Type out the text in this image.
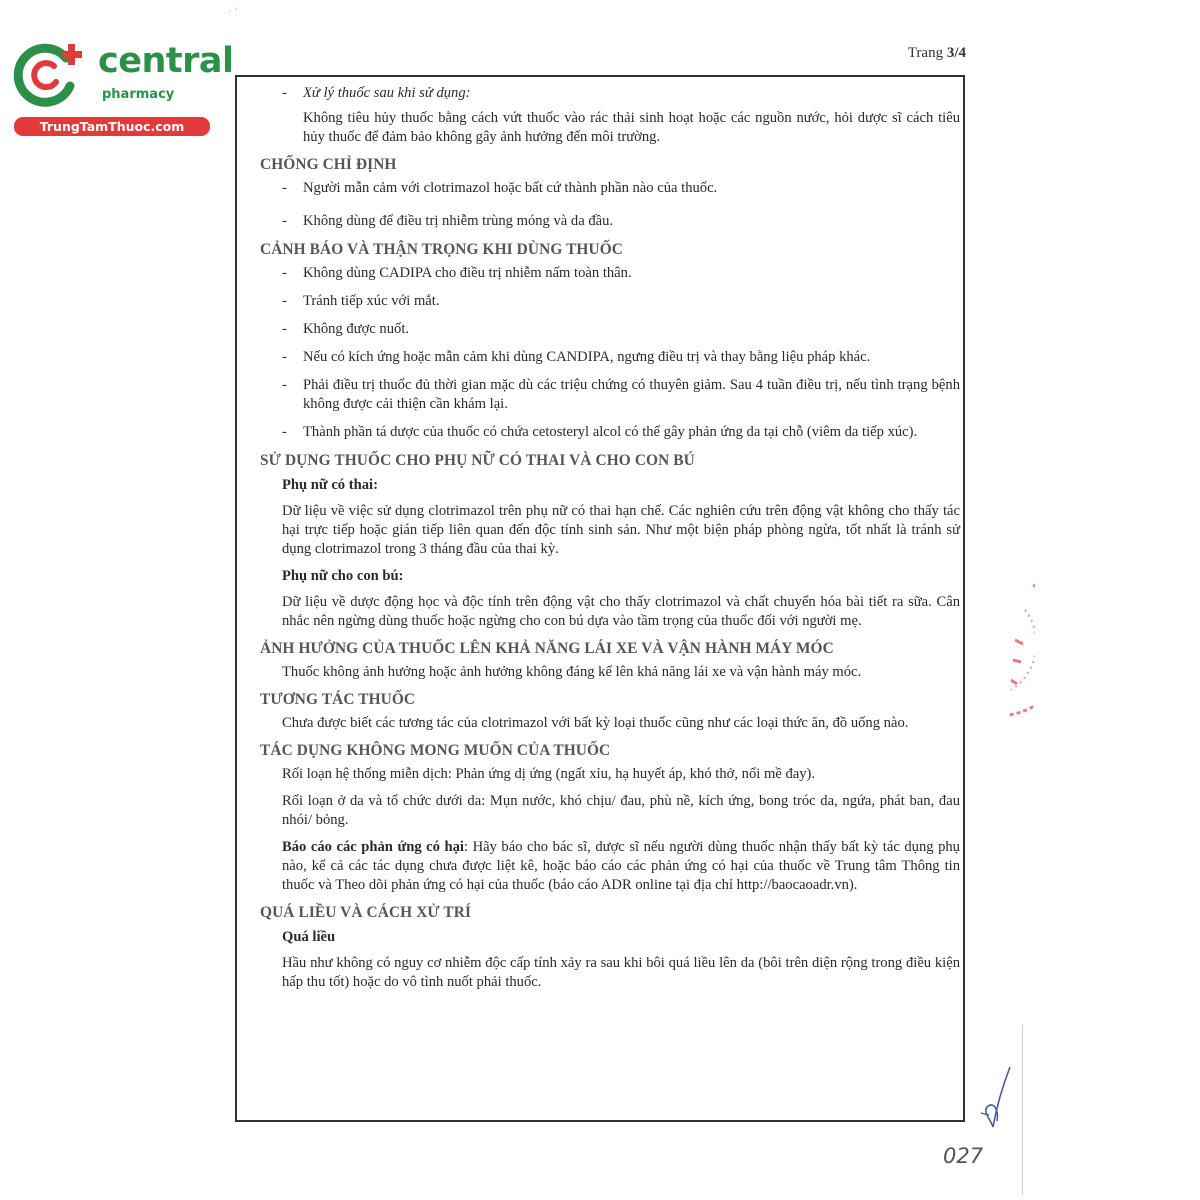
central
pharmacy
TrungTamThuoc.com
·  '
Trang 3/4
- Xử lý thuốc sau khi sử dụng:
Không tiêu hủy thuốc bằng cách vứt thuốc vào rác thải sinh hoạt hoặc các nguồn nước, hỏi dược sĩ cách tiêu hủy thuốc để đảm bảo không gây ảnh hưởng đến môi trường.
CHỐNG CHỈ ĐỊNH
- Người mẫn cảm với clotrimazol hoặc bất cứ thành phần nào của thuốc.
- Không dùng để điều trị nhiễm trùng móng và da đầu.
CẢNH BÁO VÀ THẬN TRỌNG KHI DÙNG THUỐC
- Không dùng CADIPA cho điều trị nhiễm nấm toàn thân.
- Tránh tiếp xúc với mắt.
- Không được nuốt.
- Nếu có kích ứng hoặc mẫn cảm khi dùng CANDIPA, ngưng điều trị và thay bằng liệu pháp khác.
- Phải điều trị thuốc đủ thời gian mặc dù các triệu chứng có thuyên giảm. Sau 4 tuần điều trị, nếu tình trạng bệnh không được cải thiện cần khám lại.
- Thành phần tá dược của thuốc có chứa cetosteryl alcol có thể gây phản ứng da tại chỗ (viêm da tiếp xúc).
SỬ DỤNG THUỐC CHO PHỤ NỮ CÓ THAI VÀ CHO CON BÚ
Phụ nữ có thai:
Dữ liệu về việc sử dụng clotrimazol trên phụ nữ có thai hạn chế. Các nghiên cứu trên động vật không cho thấy tác hại trực tiếp hoặc gián tiếp liên quan đến độc tính sinh sản. Như một biện pháp phòng ngừa, tốt nhất là tránh sử dụng clotrimazol trong 3 tháng đầu của thai kỳ.
Phụ nữ cho con bú:
Dữ liệu về dược động học và độc tính trên động vật cho thấy clotrimazol và chất chuyển hóa bài tiết ra sữa. Cân nhắc nên ngừng dùng thuốc hoặc ngừng cho con bú dựa vào tầm trọng của thuốc đối với người mẹ.
ẢNH HƯỞNG CỦA THUỐC LÊN KHẢ NĂNG LÁI XE VÀ VẬN HÀNH MÁY MÓC
Thuốc không ảnh hưởng hoặc ảnh hưởng không đáng kể lên khả năng lái xe và vận hành máy móc.
TƯƠNG TÁC THUỐC
Chưa được biết các tương tác của clotrimazol với bất kỳ loại thuốc cũng như các loại thức ăn, đồ uống nào.
TÁC DỤNG KHÔNG MONG MUỐN CỦA THUỐC
Rối loạn hệ thống miễn dịch: Phản ứng dị ứng (ngất xỉu, hạ huyết áp, khó thở, nổi mề đay).
Rối loạn ở da và tổ chức dưới da: Mụn nước, khó chịu/ đau, phù nề, kích ứng, bong tróc da, ngứa, phát ban, đau nhói/ bỏng.
Báo cáo các phản ứng có hại: Hãy báo cho bác sĩ, dược sĩ nếu người dùng thuốc nhận thấy bất kỳ tác dụng phụ nào, kể cả các tác dụng chưa được liệt kê, hoặc báo cáo các phản ứng có hại của thuốc về Trung tâm Thông tin thuốc và Theo dõi phản ứng có hại của thuốc (báo cáo ADR online tại địa chỉ http://baocaoadr.vn).
QUÁ LIỀU VÀ CÁCH XỬ TRÍ
Quá liều
Hầu như không có nguy cơ nhiễm độc cấp tính xảy ra sau khi bôi quá liều lên da (bôi trên diện rộng trong điều kiện hấp thu tốt) hoặc do vô tình nuốt phải thuốc.
027
